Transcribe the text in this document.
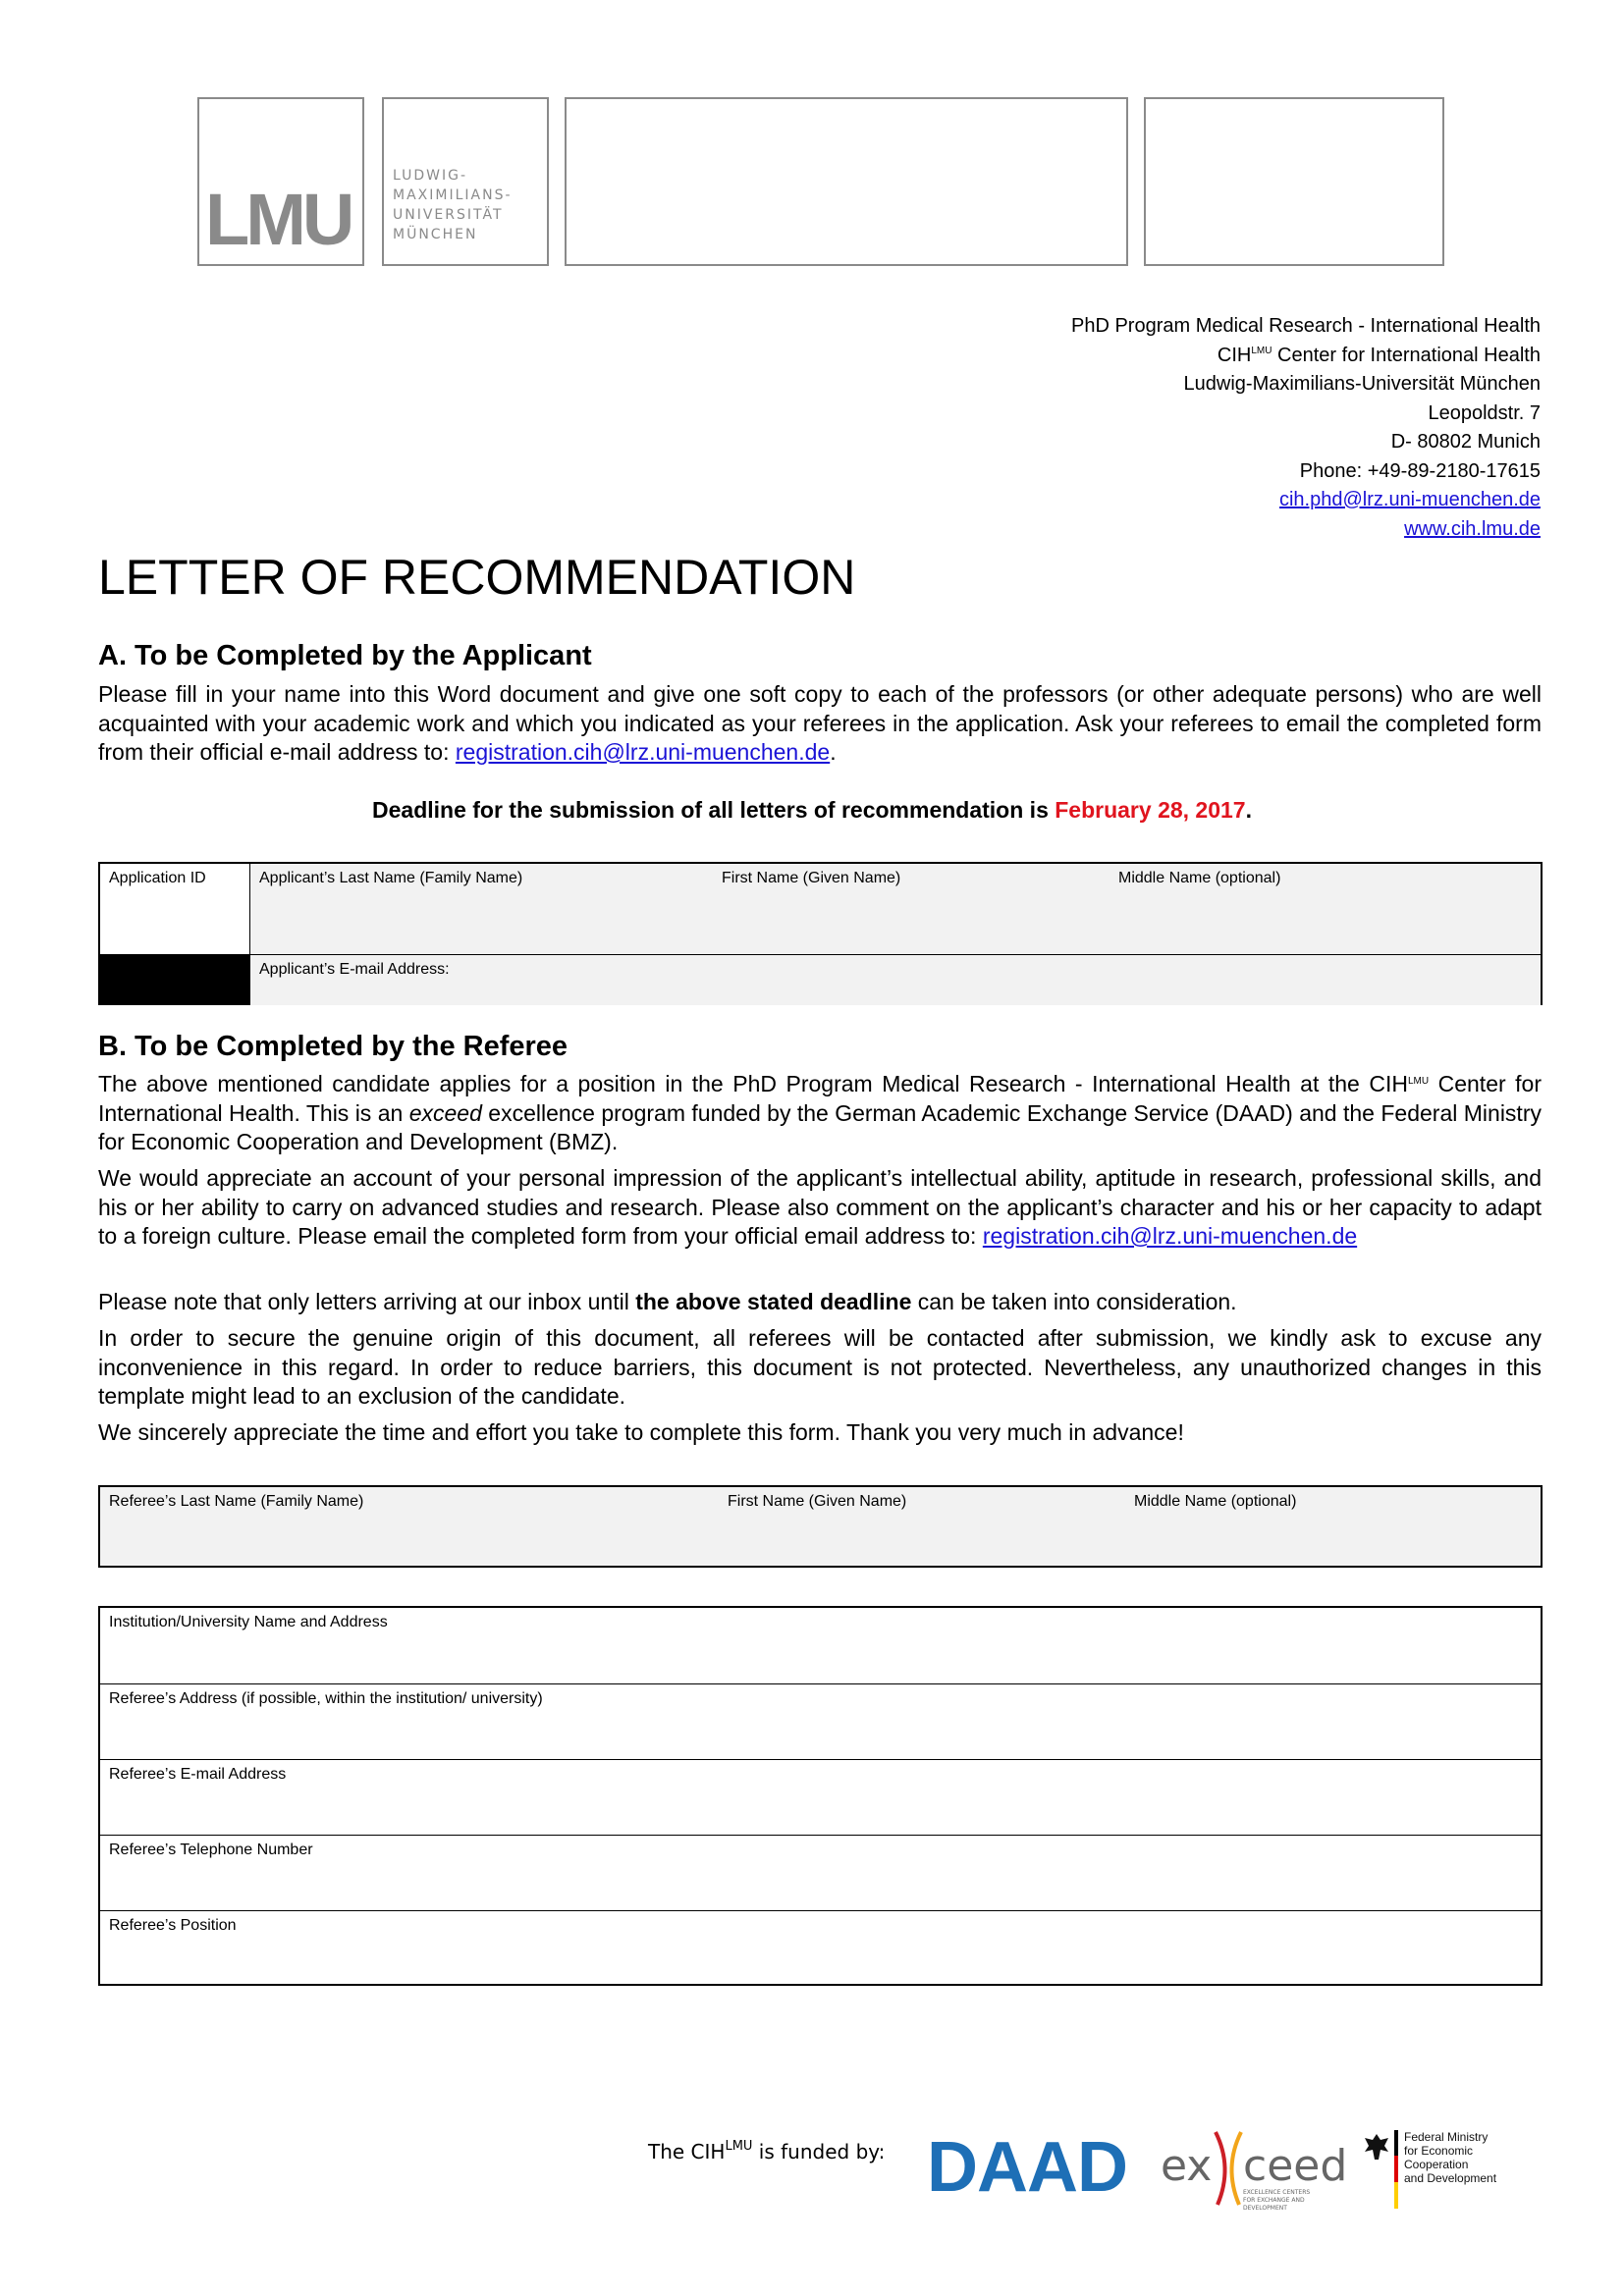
LMU
LUDWIG-
MAXIMILIANS-
UNIVERSITÄT
MÜNCHEN
PhD Program Medical Research - International Health
$CIH^{LMU}$ Center for International Health
Ludwig-Maximilians-Universität München
Leopoldstr. 7
D- 80802 Munich
Phone: +49-89-2180-17615
cih.phd@lrz.uni-muenchen.de
www.cih.lmu.de
LETTER OF RECOMMENDATION
A. To be Completed by the Applicant
Please fill in your name into this Word document and give one soft copy to each of the professors (or other adequate persons) who are well acquainted with your academic work and which you indicated as your referees in the application. Ask your referees to email the completed form from their official e-mail address to: registration.cih@lrz.uni-muenchen.de.
Deadline for the submission of all letters of recommendation is February 28, 2017.
Application ID	Applicant’s Last Name (Family Name)	First Name (Given Name)	Middle Name (optional)
Applicant’s E-mail Address:
B. To be Completed by the Referee
The above mentioned candidate applies for a position in the PhD Program Medical Research - International Health at the $CIH^{LMU}$ Center for International Health. This is an exceed excellence program funded by the German Academic Exchange Service (DAAD) and the Federal Ministry for Economic Cooperation and Development (BMZ).
We would appreciate an account of your personal impression of the applicant’s intellectual ability, aptitude in research, professional skills, and his or her ability to carry on advanced studies and research. Please also comment on the applicant’s character and his or her capacity to adapt to a foreign culture. Please email the completed form from your official email address to: registration.cih@lrz.uni-muenchen.de
Please note that only letters arriving at our inbox until the above stated deadline can be taken into consideration.
In order to secure the genuine origin of this document, all referees will be contacted after submission, we kindly ask to excuse any inconvenience in this regard. In order to reduce barriers, this document is not protected. Nevertheless, any unauthorized changes in this template might lead to an exclusion of the candidate.
We sincerely appreciate the time and effort you take to complete this form. Thank you very much in advance!
Referee’s Last Name (Family Name)	First Name (Given Name)	Middle Name (optional)
Institution/University Name and Address
Referee’s Address (if possible, within the institution/ university)
Referee’s E-mail Address
Referee’s Telephone Number
Referee’s Position
The $CIH^{LMU}$ is funded by: DAAD ex ceed
EXCELLENCE CENTERS
FOR EXCHANGE AND DEVELOPMENT
Federal Ministry
for Economic Cooperation
and Development
